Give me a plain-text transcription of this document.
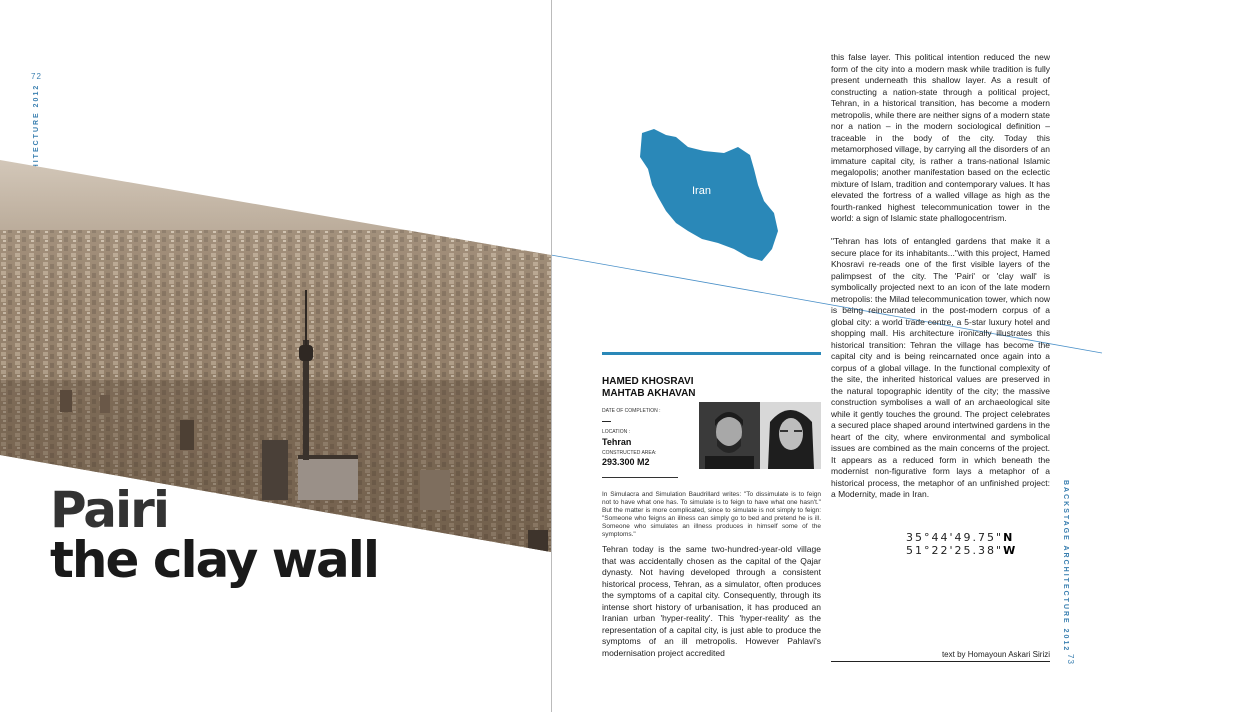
72
Pairi
the clay wall
Iran
HAMED KHOSRAVI
MAHTAB AKHAVAN
DATE OF COMPLETION :
—
LOCATION :
Tehran
CONSTRUCTED AREA:
293.300 M2
In Simulacra and Simulation Baudrillard writes: "To dissimulate is to feign not to have what one has. To simulate is to feign to have what one hasn't." But the matter is more complicated, since to simulate is not simply to feign: "Someone who feigns an illness can simply go to bed and pretend he is ill. Someone who simulates an illness produces in himself some of the symptoms."
Tehran today is the same two-hundred-year-old village that was accidentally chosen as the capital of the Qajar dynasty. Not having developed through a consistent historical process, Tehran, as a simulator, often produces the symptoms of a capital city. Consequently, through its intense short history of urbanisation, it has produced an Iranian urban 'hyper-reality'. This 'hyper-reality' as the representation of a capital city, is just able to produce the symptoms of an ill metropolis. However Pahlavi's modernisation project accredited

this false layer. This political intention reduced the new form of the city into a modern mask while tradition is fully present underneath this shallow layer. As a result of constructing a nation-state through a political project, Tehran, in a historical transition, has become a modern metropolis, while there are neither signs of a modern state nor a nation – in the modern sociological definition – traceable in the body of the city. Today this metamorphosed village, by carrying all the disorders of an immature capital city, is rather a trans-national Islamic megalopolis; another manifestation based on the eclectic mixture of Islam, tradition and contemporary values. It has elevated the fortress of a walled village as high as the fourth-ranked highest telecommunication tower in the world: a sign of Islamic state phallogocentrism.

"Tehran has lots of entangled gardens that make it a secure place for its inhabitants..."with this project, Hamed Khosravi re-reads one of the first visible layers of the palimpsest of the city. The 'Pairi' or 'clay wall' is symbolically projected next to an icon of the late modern metropolis: the Milad telecommunication tower, which now is being reincarnated in the post-modern corpus of a global city: a world trade centre, a 5-star luxury hotel and shopping mall. His architecture ironically illustrates this historical transition: Tehran the village has become the capital city and is being reincarnated once again into a corpus of a global village. In the functional complexity of the site, the inherited historical values are preserved in the natural topographic identity of the city; the massive construction symbolises a wall of an archaeological site while it gently touches the ground. The project celebrates a secured place shaped around intertwined gardens in the heart of the city, where environmental and symbolical issues are combined as the main concerns of the project. It appears as a reduced form in which beneath the modernist non-figurative form lays a metaphor of a historical process, the metaphor of an unfinished project: a Modernity, made in Iran.

35°44'49.75"N
51°22'25.38"W
text by Homayoun Askari Sirizi
BACKSTAGE ARCHITECTURE 2012
73
